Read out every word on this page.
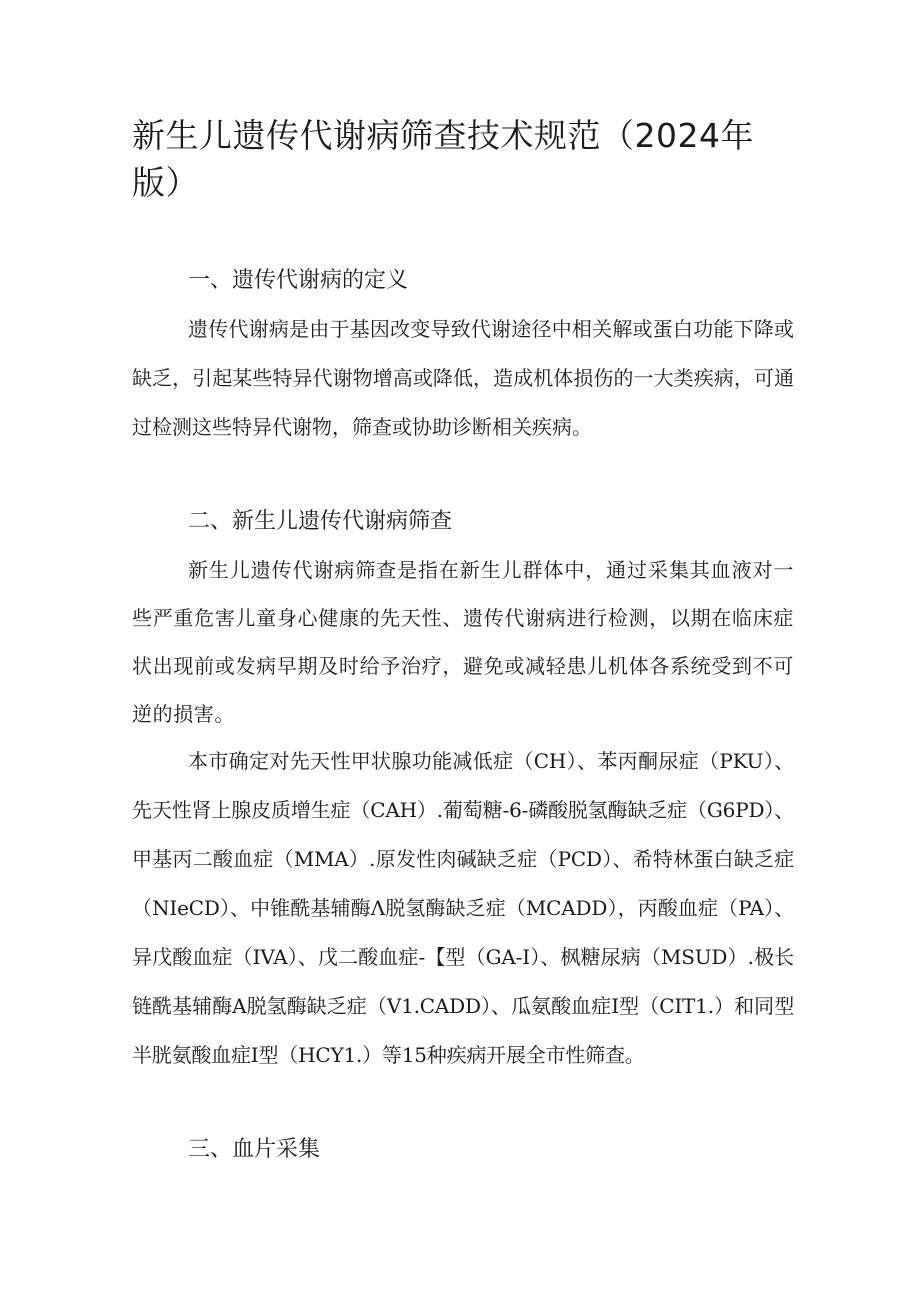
新生儿遗传代谢病筛查技术规范（2024年版）
一、遗传代谢病的定义

遗传代谢病是由于基因改变导致代谢途径中相关解或蛋白功能下降或缺乏，引起某些特异代谢物增高或降低，造成机体损伤的一大类疾病，可通过检测这些特异代谢物，筛查或协助诊断相关疾病。

二、新生儿遗传代谢病筛查

新生儿遗传代谢病筛查是指在新生儿群体中，通过采集其血液对一些严重危害儿童身心健康的先天性、遗传代谢病进行检测，以期在临床症状出现前或发病早期及时给予治疗，避免或减轻患儿机体各系统受到不可逆的损害。

本市确定对先天性甲状腺功能减低症（CH）、苯丙酮尿症（PKU）、先天性肾上腺皮质增生症（CAH）.葡萄糖-6-磷酸脱氢酶缺乏症（G6PD）、甲基丙二酸血症（MMA）.原发性肉碱缺乏症（PCD）、希特林蛋白缺乏症（NIeCD）、中锥酰基辅酶Λ脱氢酶缺乏症（MCADD），丙酸血症（PA）、异戊酸血症（IVA）、戊二酸血症-【型（GA-I）、枫糖尿病（MSUD）.极长链酰基辅酶A脱氢酶缺乏症（V1.CADD）、瓜氨酸血症I型（CIT1.）和同型半胱氨酸血症I型（HCY1.）等15种疾病开展全市性筛查。

三、血片采集
